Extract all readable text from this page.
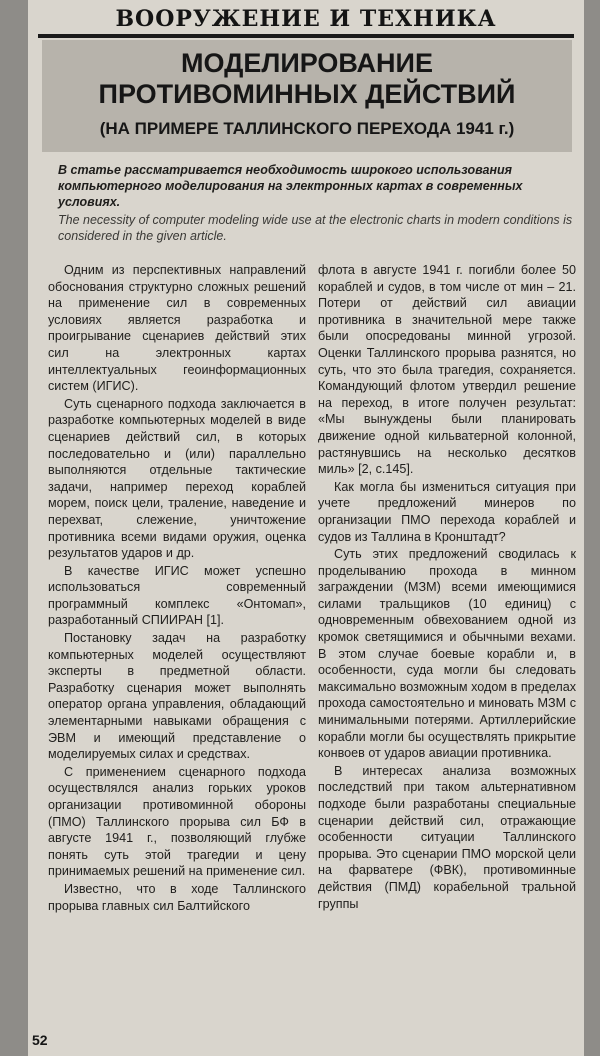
ВООРУЖЕНИЕ И ТЕХНИКА
МОДЕЛИРОВАНИЕ
ПРОТИВОМИННЫХ ДЕЙСТВИЙ
(НА ПРИМЕРЕ ТАЛЛИНСКОГО ПЕРЕХОДА 1941 г.)
В статье рассматривается необходимость широкого использования компьютерного моделирования на электронных картах в современных условиях.
The necessity of computer modeling wide use at the electronic charts in modern conditions is considered in the given article.

Одним из перспективных направлений обоснования структурно сложных решений на применение сил в современных условиях является разработка и проигрывание сценариев действий этих сил на электронных картах интеллектуальных геоинформационных систем (ИГИС).

Суть сценарного подхода заключается в разработке компьютерных моделей в виде сценариев действий сил, в которых последовательно и (или) параллельно выполняются отдельные тактические задачи, например переход кораблей морем, поиск цели, траление, наведение и перехват, слежение, уничтожение противника всеми видами оружия, оценка результатов ударов и др.

В качестве ИГИС может успешно использоваться современный программный комплекс «Онтомап», разработанный СПИИРАН [1].

Постановку задач на разработку компьютерных моделей осуществляют эксперты в предметной области. Разработку сценария может выполнять оператор органа управления, обладающий элементарными навыками обращения с ЭВМ и имеющий представление о моделируемых силах и средствах.

С применением сценарного подхода осуществлялся анализ горьких уроков организации противоминной обороны (ПМО) Таллинского прорыва сил БФ в августе 1941 г., позволяющий глубже понять суть этой трагедии и цену принимаемых решений на применение сил.

Известно, что в ходе Таллинского прорыва главных сил Балтийского

флота в августе 1941 г. погибли более 50 кораблей и судов, в том числе от мин – 21. Потери от действий сил авиации противника в значительной мере также были опосредованы минной угрозой. Оценки Таллинского прорыва разнятся, но суть, что это была трагедия, сохраняется. Командующий флотом утвердил решение на переход, в итоге получен результат: «Мы вынуждены были планировать движение одной кильватерной колонной, растянувшись на несколько десятков миль» [2, с.145].

Как могла бы измениться ситуация при учете предложений минеров по организации ПМО перехода кораблей и судов из Таллина в Кронштадт?

Суть этих предложений сводилась к проделыванию прохода в минном заграждении (МЗМ) всеми имеющимися силами тральщиков (10 единиц) с одновременным обвехованием одной из кромок светящимися и обычными вехами. В этом случае боевые корабли и, в особенности, суда могли бы следовать максимально возможным ходом в пределах прохода самостоятельно и миновать МЗМ с минимальными потерями. Артиллерийские корабли могли бы осуществлять прикрытие конвоев от ударов авиации противника.

В интересах анализа возможных последствий при таком альтернативном подходе были разработаны специальные сценарии действий сил, отражающие особенности ситуации Таллинского прорыва. Это сценарии ПМО морской цели на фарватере (ФВК), противоминные действия (ПМД) корабельной тральной группы

52
